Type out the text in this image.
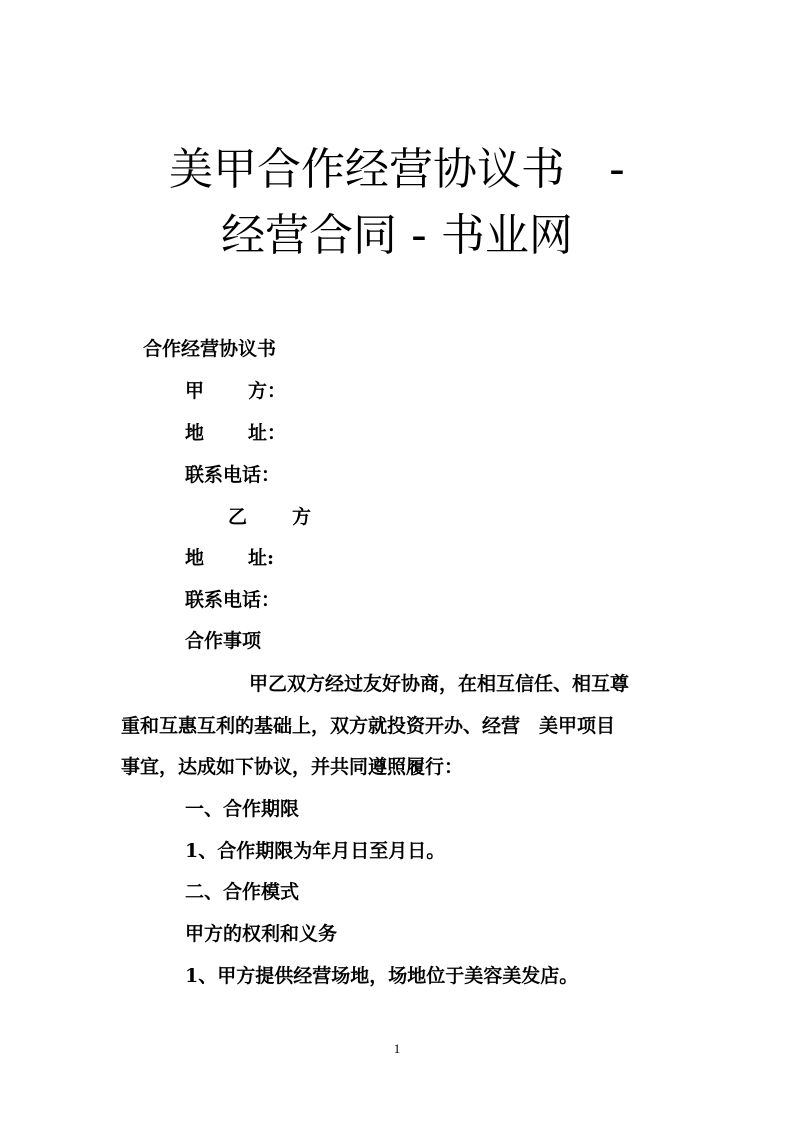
美甲合作经营协议书　-
经营合同 - 书业网
合作经营协议书
甲 方：
地 址：
联系电话：
乙 方
地 址:
联系电话：
合作事项
甲乙双方经过友好协商，在相互信任、相互尊
重和互惠互利的基础上，双方就投资开办、经营　美甲项目
事宜，达成如下协议，并共同遵照履行：
一、合作期限
1、合作期限为年月日至月日。
二、合作模式
甲方的权利和义务
1、甲方提供经营场地，场地位于美容美发店。
1
